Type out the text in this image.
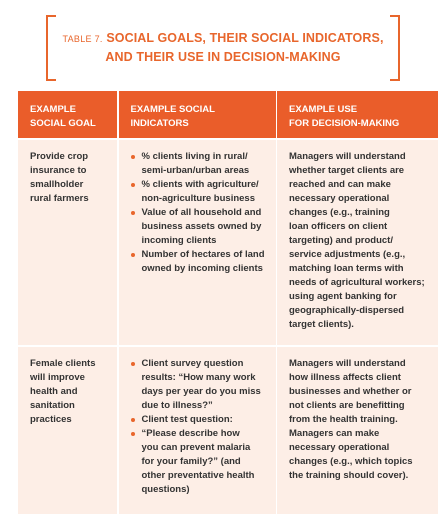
TABLE 7. SOCIAL GOALS, THEIR SOCIAL INDICATORS,
AND THEIR USE IN DECISION-MAKING
EXAMPLE
SOCIAL GOAL
EXAMPLE SOCIAL
INDICATORS
EXAMPLE USE
FOR DECISION-MAKING
Provide crop
insurance to
smallholder
rural farmers
% clients living in rural/
semi-urban/urban areas
% clients with agriculture/
non-agriculture business
Value of all household and
business assets owned by
incoming clients
Number of hectares of land
owned by incoming clients
Managers will understand
whether target clients are
reached and can make
necessary operational
changes (e.g., training
loan officers on client
targeting) and product/
service adjustments (e.g.,
matching loan terms with
needs of agricultural workers;
using agent banking for
geographically-dispersed
target clients).
Female clients
will improve
health and
sanitation
practices
Client survey question
results: “How many work
days per year do you miss
due to illness?”
Client test question:
“Please describe how
you can prevent malaria
for your family?” (and
other preventative health
questions)
Managers will understand
how illness affects client
businesses and whether or
not clients are benefitting
from the health training.
Managers can make
necessary operational
changes (e.g., which topics
the training should cover).
